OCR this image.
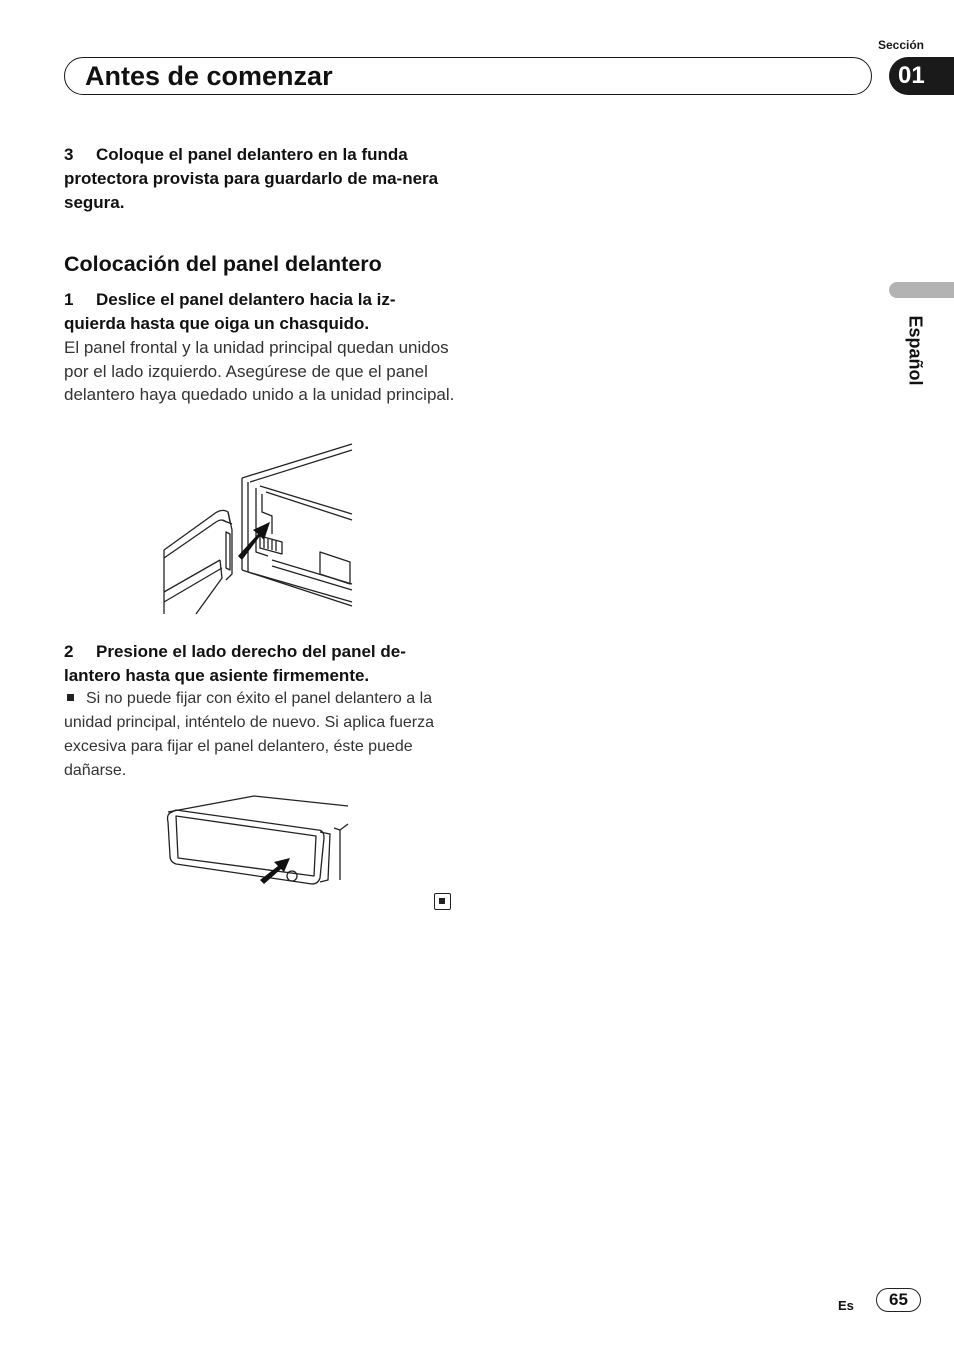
Sección
Antes de comenzar	01
Español
3 Coloque el panel delantero en la funda protectora provista para guardarlo de ma-nera segura.
Colocación del panel delantero
1 Deslice el panel delantero hacia la iz-quierda hasta que oiga un chasquido.
El panel frontal y la unidad principal quedan unidos por el lado izquierdo. Asegúrese de que el panel delantero haya quedado unido a la unidad principal.
2 Presione el lado derecho del panel de-lantero hasta que asiente firmemente.
Si no puede fijar con éxito el panel delantero a la unidad principal, inténtelo de nuevo. Si aplica fuerza excesiva para fijar el panel delantero, éste puede dañarse.
Es	65
